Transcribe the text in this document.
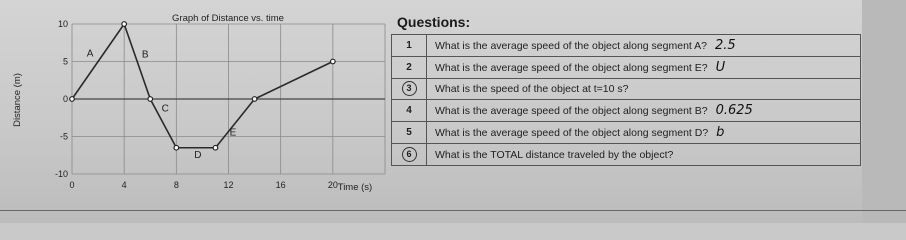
Graph of Distance vs. time
Time (s)
Distance (m)
0	4	8	12	16	20
10
5
0
-5
-10
A	B
C
D
E
Questions:
1	What is the average speed of the object along segment A? 2.5
2	What is the average speed of the object along segment E? U
3	What is the speed of the object at t=10 s?
4	What is the average speed of the object along segment B? 0.625
5	What is the average speed of the object along segment D? b
6	What is the TOTAL distance traveled by the object?
